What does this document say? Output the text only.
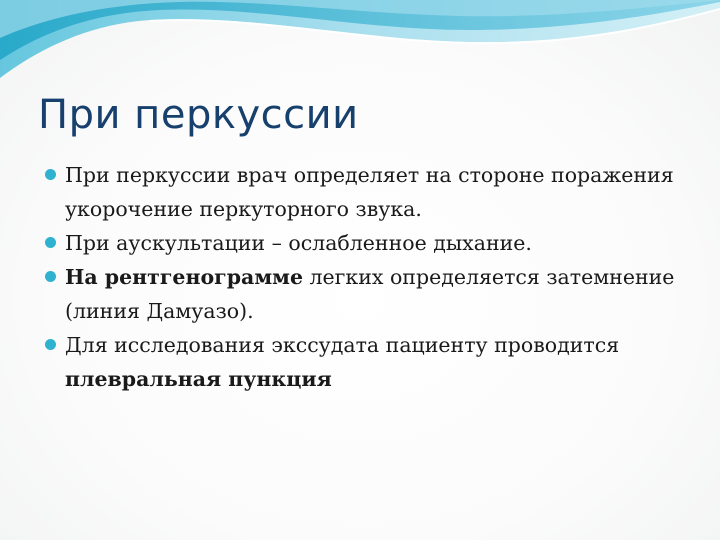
При перкуссии
При перкуссии врач определяет на стороне поражения укорочение перкуторного звука.
При аускультации – ослабленное дыхание.
На рентгенограмме легких определяется затемнение (линия Дамуазо).
Для исследования экссудата пациенту проводится плевральная пункция
